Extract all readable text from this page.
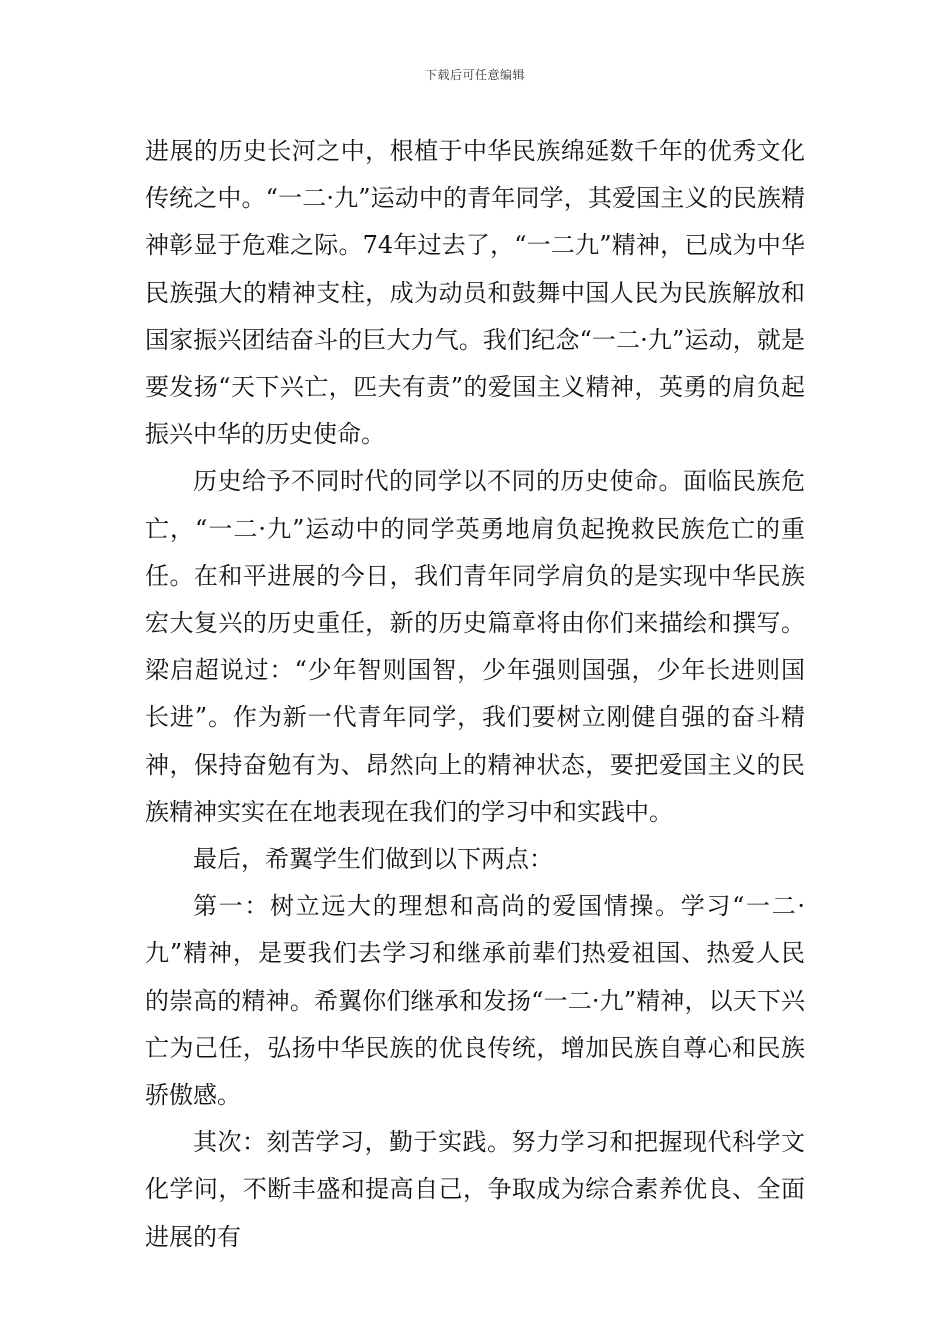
下载后可任意编辑

进展的历史长河之中，根植于中华民族绵延数千年的优秀文化传统之中。“一二·九”运动中的青年同学，其爱国主义的民族精神彰显于危难之际。74年过去了，“一二九”精神，已成为中华民族强大的精神支柱，成为动员和鼓舞中国人民为民族解放和国家振兴团结奋斗的巨大力气。我们纪念“一二·九”运动，就是要发扬“天下兴亡，匹夫有责”的爱国主义精神，英勇的肩负起振兴中华的历史使命。

历史给予不同时代的同学以不同的历史使命。面临民族危亡，“一二·九”运动中的同学英勇地肩负起挽救民族危亡的重任。在和平进展的今日，我们青年同学肩负的是实现中华民族宏大复兴的历史重任，新的历史篇章将由你们来描绘和撰写。梁启超说过：“少年智则国智，少年强则国强，少年长进则国长进”。作为新一代青年同学，我们要树立刚健自强的奋斗精神，保持奋勉有为、昂然向上的精神状态，要把爱国主义的民族精神实实在在地表现在我们的学习中和实践中。

最后，希翼学生们做到以下两点：

第一：树立远大的理想和高尚的爱国情操。学习“一二·九”精神，是要我们去学习和继承前辈们热爱祖国、热爱人民的崇高的精神。希翼你们继承和发扬“一二·九”精神，以天下兴亡为己任，弘扬中华民族的优良传统，增加民族自尊心和民族骄傲感。

其次：刻苦学习，勤于实践。努力学习和把握现代科学文化学问，不断丰盛和提高自己，争取成为综合素养优良、全面进展的有
